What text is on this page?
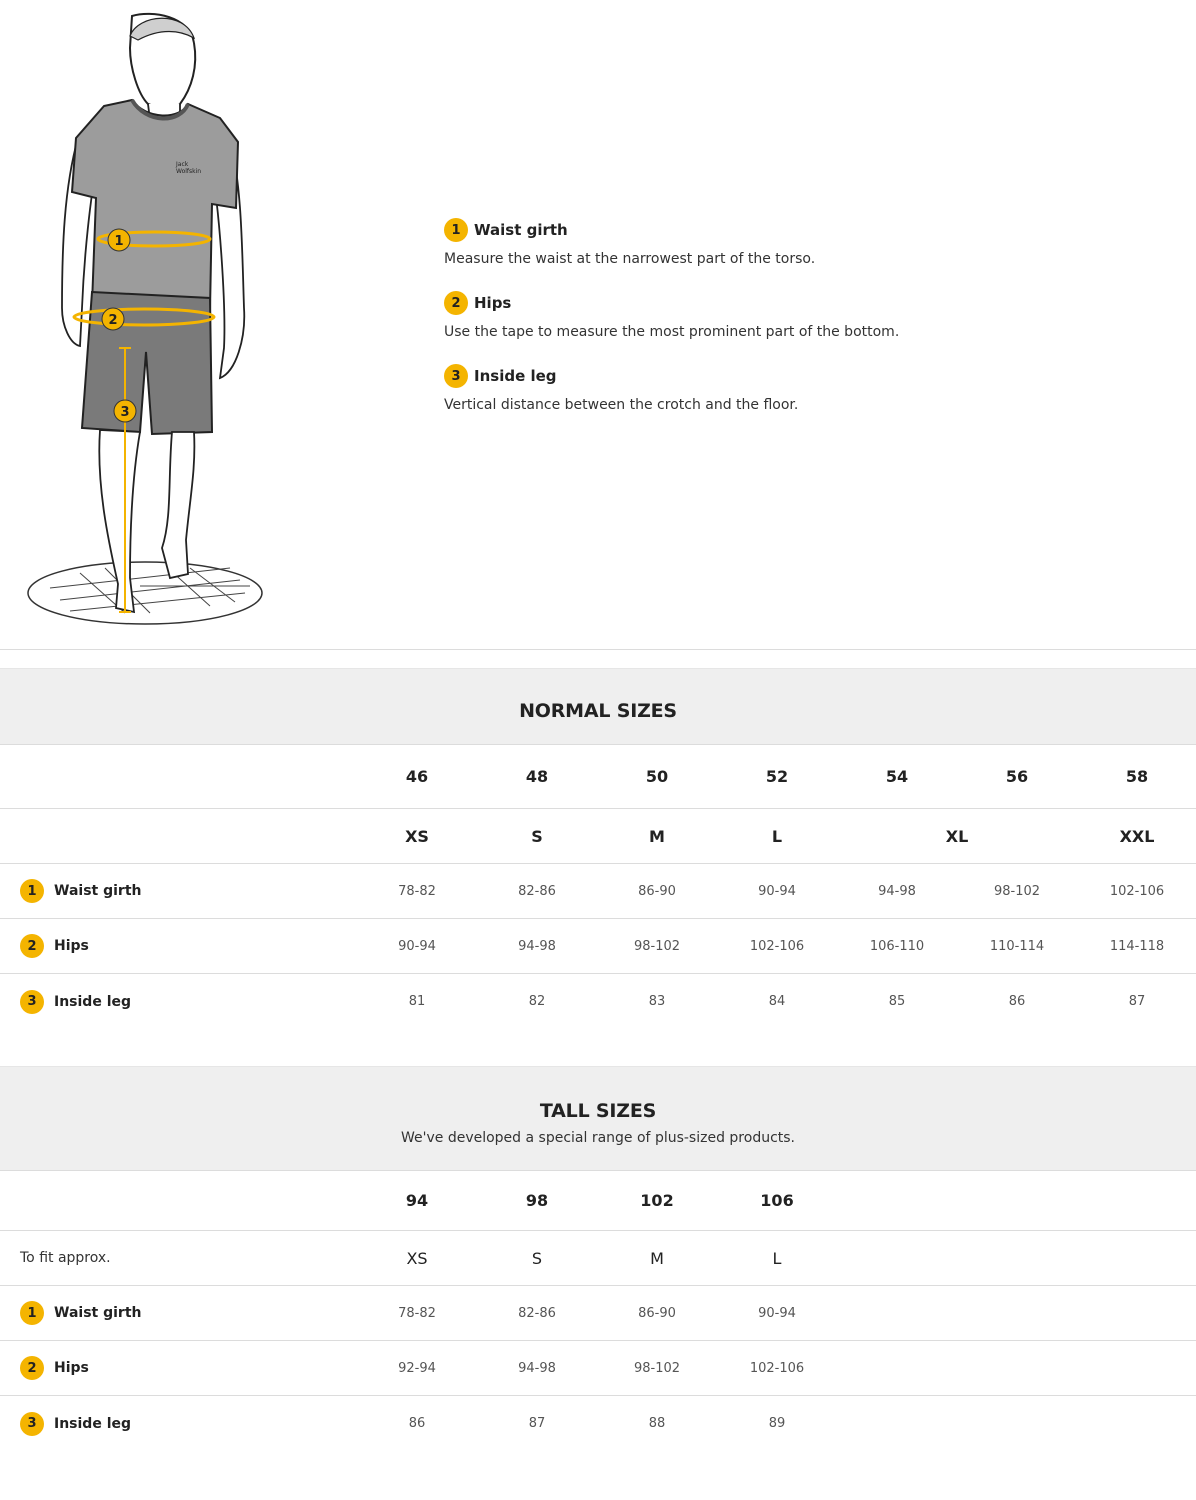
Jack
Wolfskin
1
2
3
1 Waist girth
Measure the waist at the narrowest part of the torso.
2 Hips
Use the tape to measure the most prominent part of the bottom.
3 Inside leg
Vertical distance between the crotch and the floor.
NORMAL SIZES
46	48	50	52	54	56	58
XS	S	M	L	XL	XXL
1	Waist girth	78-82	82-86	86-90	90-94	94-98	98-102	102-106
2	Hips	90-94	94-98	98-102	102-106	106-110	110-114	114-118
3	Inside leg	81	82	83	84	85	86	87
TALL SIZES
We've developed a special range of plus-sized products.
94	98	102	106
To fit approx.	XS	S	M	L
1	Waist girth	78-82	82-86	86-90	90-94
2	Hips	92-94	94-98	98-102	102-106
3	Inside leg	86	87	88	89
